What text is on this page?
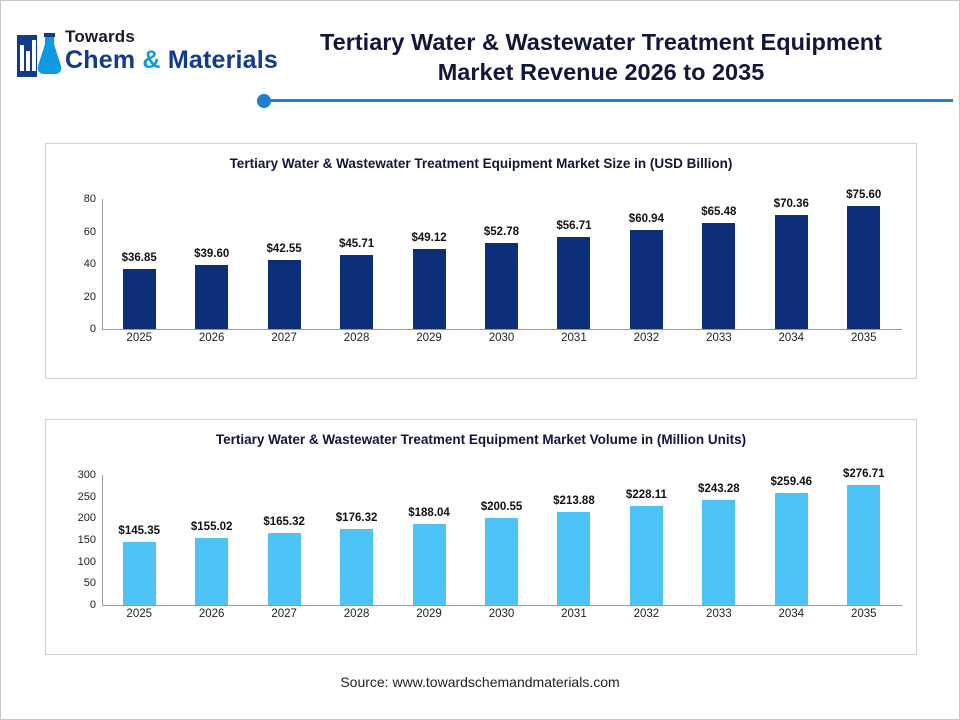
Towards
Chem & Materials
Tertiary Water & Wastewater Treatment Equipment
Market Revenue 2026 to 2035
Tertiary Water & Wastewater Treatment Equipment Market Size in (USD Billion)
0
20
40
60
80
$36.85	$39.60	$42.55	$45.71	$49.12	$52.78
$56.71
$60.94
$65.48
$70.36
$75.60
2025	2026	2027	2028	2029	2030	2031	2032	2033	2034	2035
Tertiary Water & Wastewater Treatment Equipment Market Volume in (Million Units)
0
50
100
150
200
250
300
$145.35	$155.02	$165.32	$176.32	$188.04	$200.55	$213.88
$228.11
$243.28
$259.46
$276.71
2025	2026	2027	2028	2029	2030	2031	2032	2033	2034	2035
Source: www.towardschemandmaterials.com
